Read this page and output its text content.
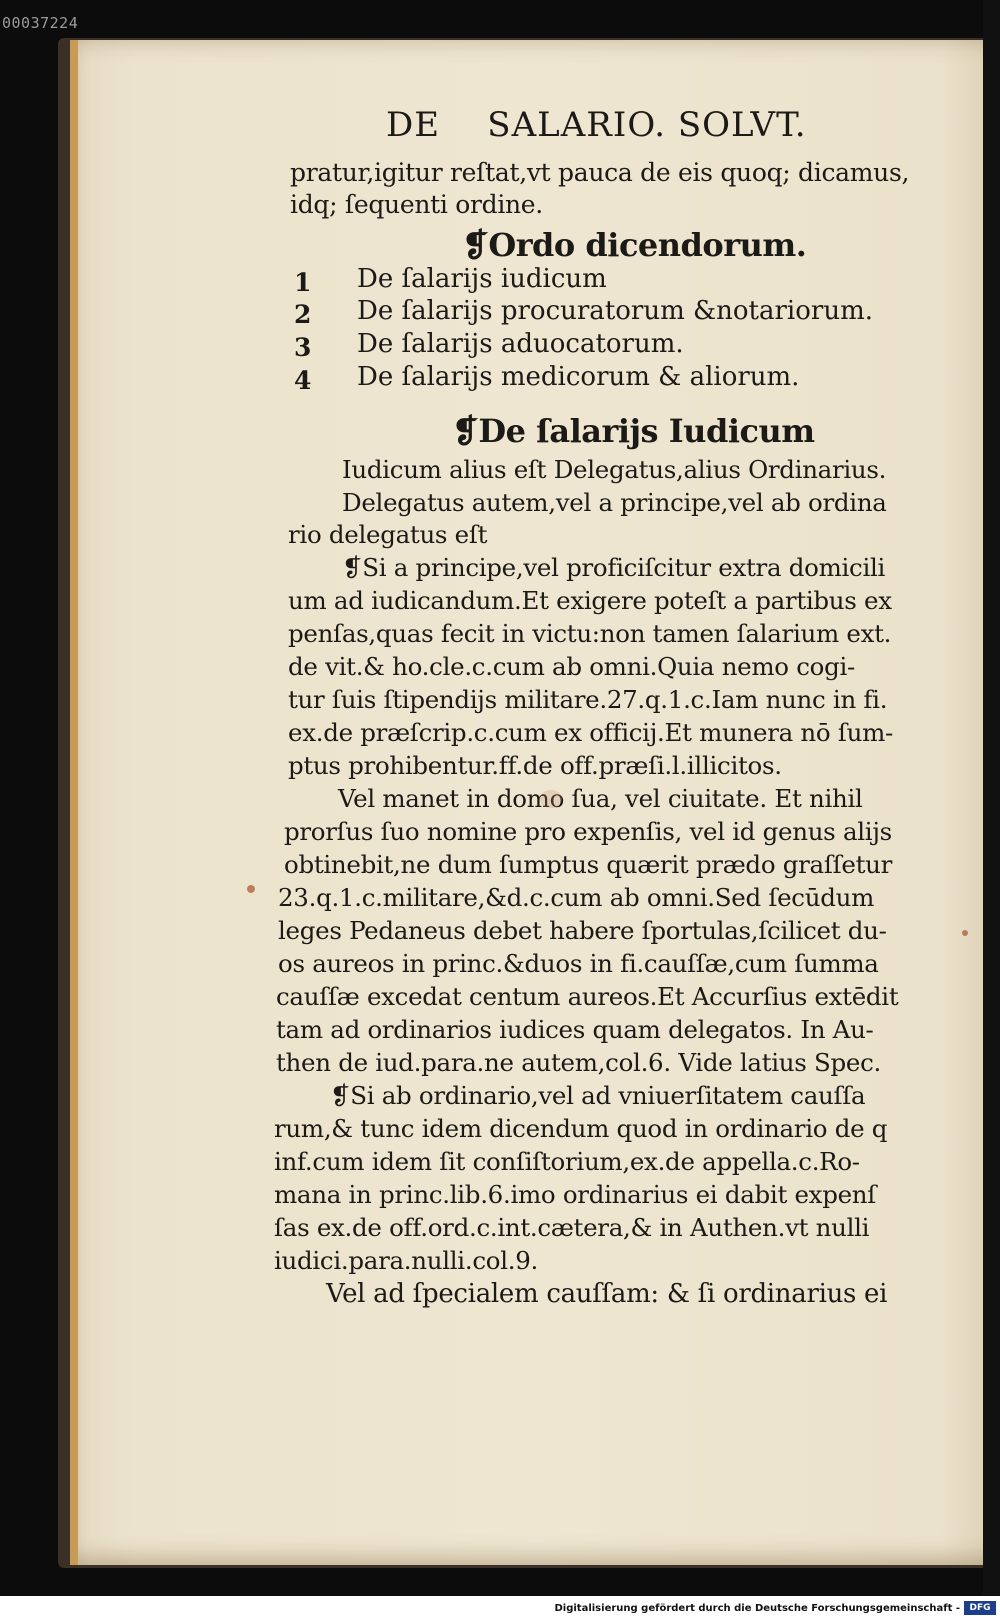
00037224
DE    SALARIO. SOLVT.
pratur,igitur reſtat,vt pauca de eis quoq; dicamus,
idq; ſequenti ordine.
❡Ordo dicendorum.
1 De ſalarijs iudicum
2 De ſalarijs procuratorum &notariorum.
3 De ſalarijs aduocatorum.
4 De ſalarijs medicorum & aliorum.
❡De ſalarijs Iudicum
Iudicum alius eſt Delegatus,alius Ordinarius.
Delegatus autem,vel a principe,vel ab ordina
rio delegatus eſt
❡Si a principe,vel proficiſcitur extra domicili
um ad iudicandum.Et exigere poteſt a partibus ex
penſas,quas fecit in victu:non tamen ſalarium ext.
de vit.& ho.cle.c.cum ab omni.Quia nemo cogi-
tur ſuis ſtipendijs militare.27.q.1.c.Iam nunc in fi.
ex.de præſcrip.c.cum ex officij.Et munera nō ſum-
ptus prohibentur.ff.de off.præſi.l.illicitos.
Vel manet in domo ſua, vel ciuitate. Et nihil
prorſus ſuo nomine pro expenſis, vel id genus alijs
obtinebit,ne dum ſumptus quærit prædo graſſetur
23.q.1.c.militare,&d.c.cum ab omni.Sed ſecūdum
leges Pedaneus debet habere ſportulas,ſcilicet du-
os aureos in princ.&duos in fi.cauſſæ,cum ſumma
cauſſæ excedat centum aureos.Et Accurſius extēdit
tam ad ordinarios iudices quam delegatos. In Au-
then de iud.para.ne autem,col.6. Vide latius Spec.
❡Si ab ordinario,vel ad vniuerſitatem cauſſa
rum,& tunc idem dicendum quod in ordinario de q
inf.cum idem ſit conſiſtorium,ex.de appella.c.Ro-
mana in princ.lib.6.imo ordinarius ei dabit expenſ
ſas ex.de off.ord.c.int.cætera,& in Authen.vt nulli
iudici.para.nulli.col.9.
Vel ad ſpecialem cauſſam: & ſi ordinarius ei
Digitalisierung gefördert durch die Deutsche Forschungsgemeinschaft -	DFG
